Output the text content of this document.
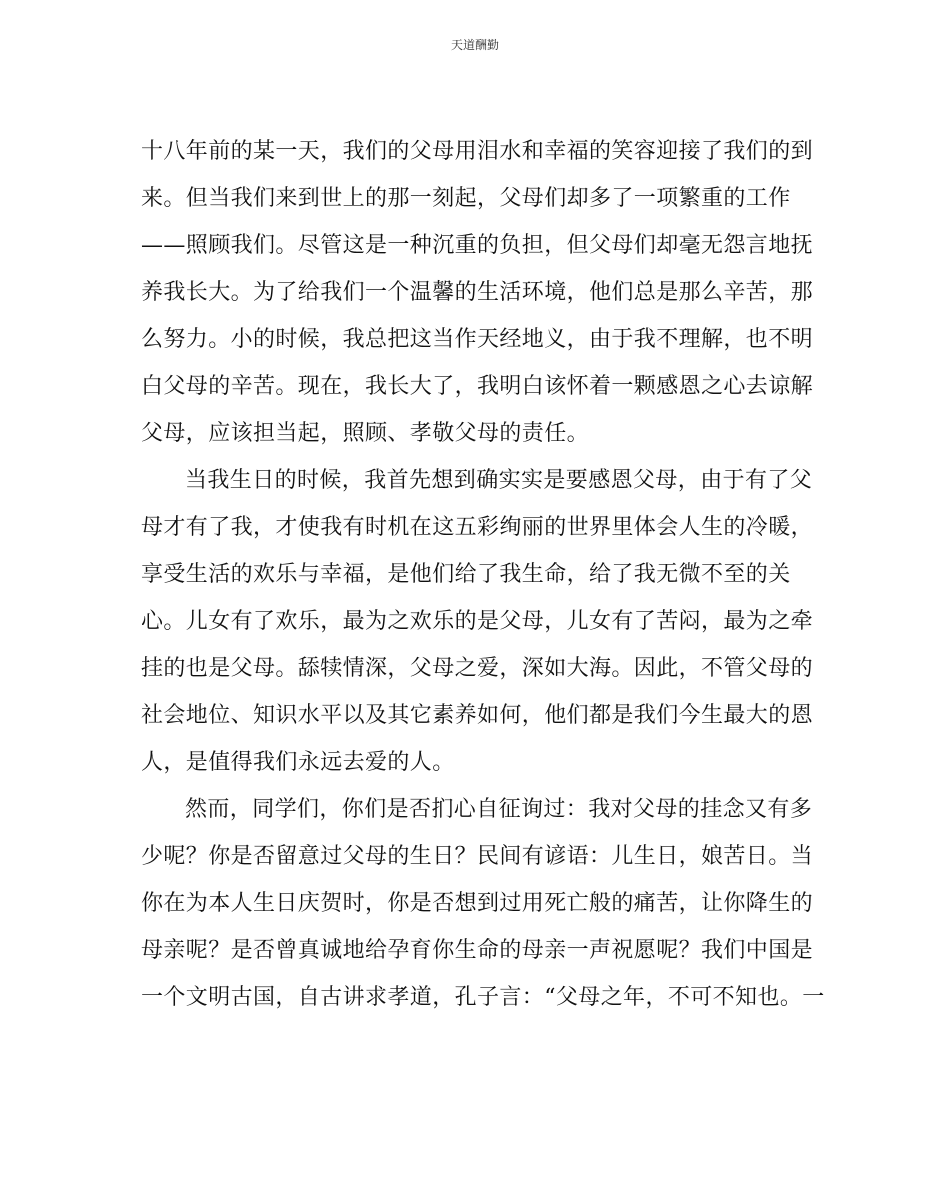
天道酬勤

十八年前的某一天，我们的父母用泪水和幸福的笑容迎接了我们的到
来。但当我们来到世上的那一刻起，父母们却多了一项繁重的工作
——照顾我们。尽管这是一种沉重的负担，但父母们却毫无怨言地抚
养我长大。为了给我们一个温馨的生活环境，他们总是那么辛苦，那
么努力。小的时候，我总把这当作天经地义，由于我不理解，也不明
白父母的辛苦。现在，我长大了，我明白该怀着一颗感恩之心去谅解
父母，应该担当起，照顾、孝敬父母的责任。

当我生日的时候，我首先想到确实实是要感恩父母，由于有了父
母才有了我，才使我有时机在这五彩绚丽的世界里体会人生的冷暖，
享受生活的欢乐与幸福，是他们给了我生命，给了我无微不至的关
心。儿女有了欢乐，最为之欢乐的是父母，儿女有了苦闷，最为之牵
挂的也是父母。舔犊情深，父母之爱，深如大海。因此，不管父母的
社会地位、知识水平以及其它素养如何，他们都是我们今生最大的恩
人，是值得我们永远去爱的人。

然而，同学们，你们是否扪心自征询过：我对父母的挂念又有多
少呢？你是否留意过父母的生日？民间有谚语：儿生日，娘苦日。当
你在为本人生日庆贺时，你是否想到过用死亡般的痛苦，让你降生的
母亲呢？是否曾真诚地给孕育你生命的母亲一声祝愿呢？我们中国是
一个文明古国，自古讲求孝道，孔子言：“父母之年，不可不知也。一
